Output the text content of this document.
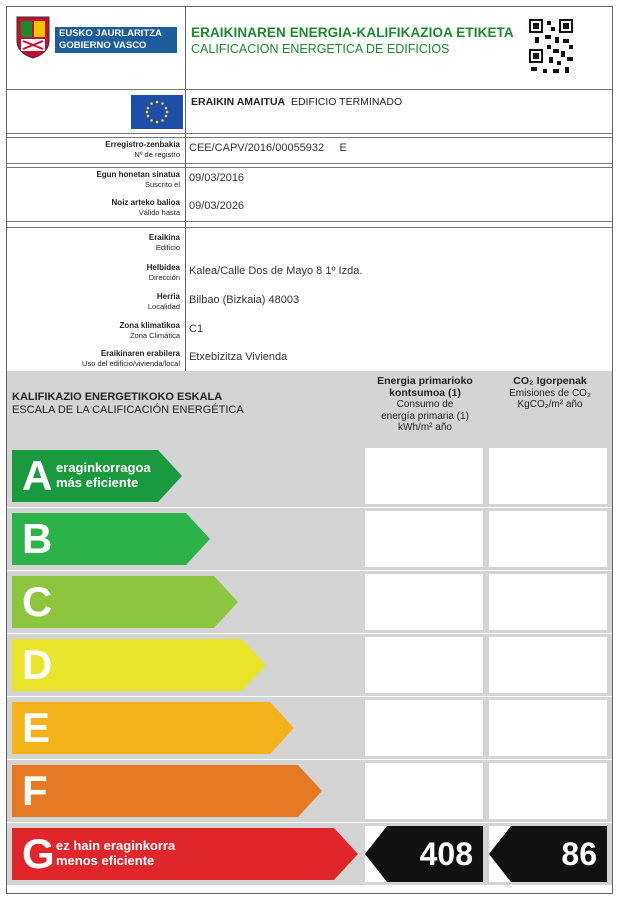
EUSKO JAURLARITZA
GOBIERNO VASCO
ERAIKINAREN ENERGIA-KALIFIKAZIOA ETIKETA
CALIFICACION ENERGETICA DE EDIFICIOS
ERAIKIN AMAITUA EDIFICIO TERMINADO
Erregistro-zenbakia
Nº de registro
CEE/CAPV/2016/00055932 E
Egun honetan sinatua
Suscrito el
09/03/2016
Noiz arteko balioa
Válido hasta
09/03/2026
Eraikina
Edificio
Helbidea
Dirección
Kalea/Calle Dos de Mayo 8 1º Izda.
Herria
Localidad
Bilbao (Bizkaia) 48003
Zona klimatikoa
Zona Climática
C1
Eraikinaren erabilera
Uso del edificio/vivienda/local
Etxebizitza Vivienda
KALIFIKAZIO ENERGETIKOKO ESKALA
ESCALA DE LA CALIFICACIÓN ENERGÉTICA
Energia primarioko
kontsumoa (1)
Consumo de
energía primaria (1)
kWh/m² año
CO₂ Igorpenak
Emisiones de CO₂
KgCO₂/m² año
A eraginkorragoa
más eficiente
B
C
D
E
F
G ez hain eraginkorra
menos eficiente	408	86
